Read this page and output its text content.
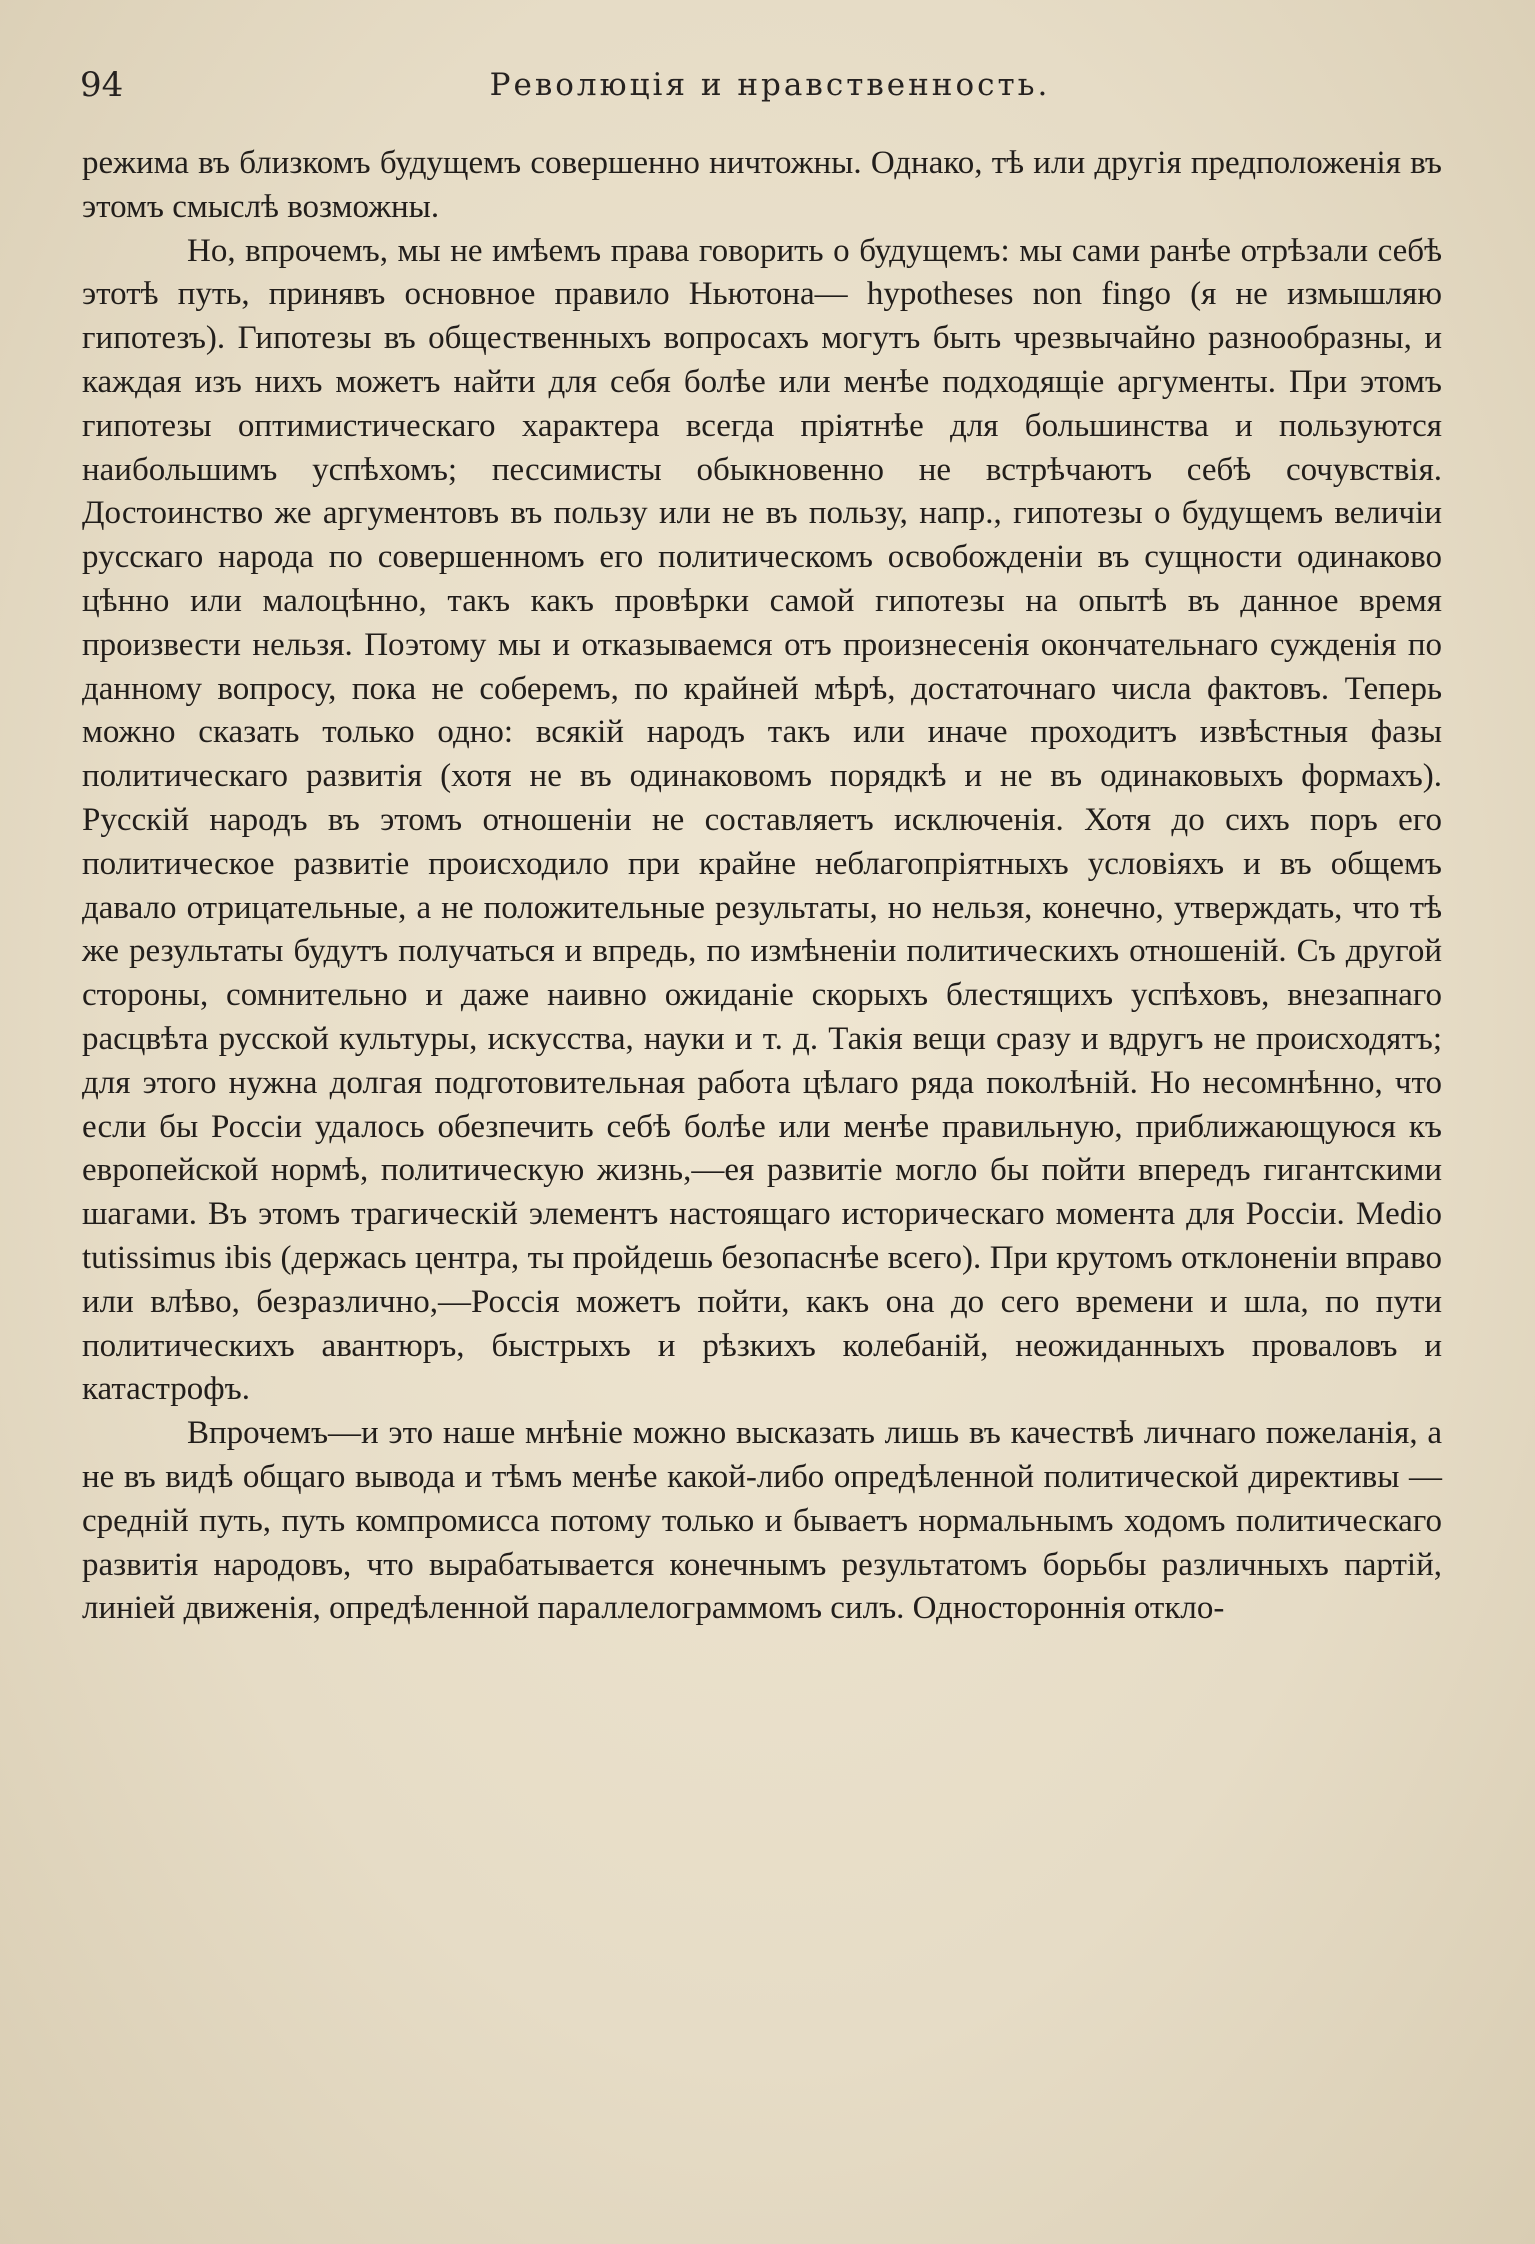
94	Революція и нравственность.

режима въ близкомъ будущемъ совершенно ничтожны. Однако, тѣ или другія предположенія въ этомъ смыслѣ возможны.

Но, впрочемъ, мы не имѣемъ права говорить о будущемъ: мы сами ранѣе отрѣзали себѣ этотѣ путь, принявъ основное правило Ньютона— hypotheses non fingo (я не измышляю гипотезъ). Гипотезы въ общественныхъ вопросахъ могутъ быть чрезвычайно разнообразны, и каждая изъ нихъ можетъ найти для себя болѣе или менѣе подходящіе аргументы. При этомъ гипотезы оптимистическаго характера всегда пріятнѣе для большинства и пользуются наибольшимъ успѣхомъ; пессимисты обыкновенно не встрѣчаютъ себѣ сочувствія. Достоинство же аргументовъ въ пользу или не въ пользу, напр., гипотезы о будущемъ величіи русскаго народа по совершенномъ его политическомъ освобожденіи въ сущности одинаково цѣнно или малоцѣнно, такъ какъ провѣрки самой гипотезы на опытѣ въ данное время произвести нельзя. Поэтому мы и отказываемся отъ произнесенія окончательнаго сужденія по данному вопросу, пока не соберемъ, по крайней мѣрѣ, достаточнаго числа фактовъ. Теперь можно сказать только одно: всякій народъ такъ или иначе проходитъ извѣстныя фазы политическаго развитія (хотя не въ одинаковомъ порядкѣ и не въ одинаковыхъ формахъ). Русскій народъ въ этомъ отношеніи не составляетъ исключенія. Хотя до сихъ поръ его политическое развитіе происходило при крайне неблагопріятныхъ условіяхъ и въ общемъ давало отрицательные, а не положительные результаты, но нельзя, конечно, утверждать, что тѣ же результаты будутъ получаться и впредь, по измѣненіи политическихъ отношеній. Съ другой стороны, сомнительно и даже наивно ожиданіе скорыхъ блестящихъ успѣховъ, внезапнаго расцвѣта русской культуры, искусства, науки и т. д. Такія вещи сразу и вдругъ не происходятъ; для этого нужна долгая подготовительная работа цѣлаго ряда поколѣній. Но несомнѣнно, что если бы Россіи удалось обезпечить себѣ болѣе или менѣе правильную, приближающуюся къ европейской нормѣ, политическую жизнь,—ея развитіе могло бы пойти впередъ гигантскими шагами. Въ этомъ трагическій элементъ настоящаго историческаго момента для Россіи. Medio tutissimus ibis (держась центра, ты пройдешь безопаснѣе всего). При крутомъ отклоненіи вправо или влѣво, безразлично,—Россія можетъ пойти, какъ она до сего времени и шла, по пути политическихъ авантюръ, быстрыхъ и рѣзкихъ колебаній, неожиданныхъ проваловъ и катастрофъ.

Впрочемъ—и это наше мнѣніе можно высказать лишь въ качествѣ личнаго пожеланія, а не въ видѣ общаго вывода и тѣмъ менѣе какой-либо опредѣленной политической директивы — средній путь, путь компромисса потому только и бываетъ нормальнымъ ходомъ политическаго развитія народовъ, что вырабатывается конечнымъ результатомъ борьбы различныхъ партій, линіей движенія, опредѣленной параллелограммомъ силъ. Одностороннія откло-
